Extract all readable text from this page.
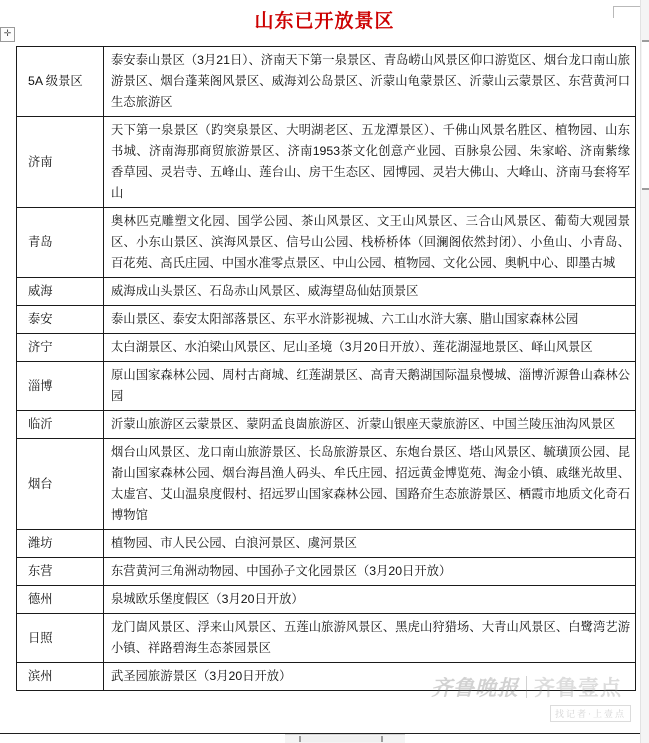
山东已开放景区
✛
5A 级景区	泰安泰山景区（3月21日）、济南天下第一泉景区、青岛崂山风景区仰口游览区、烟台龙口南山旅游景区、烟台蓬莱阁风景区、威海刘公岛景区、沂蒙山龟蒙景区、沂蒙山云蒙景区、东营黄河口生态旅游区
济南	天下第一泉景区（趵突泉景区、大明湖老区、五龙潭景区）、千佛山风景名胜区、植物园、山东书城、济南海那商贸旅游景区、济南1953茶文化创意产业园、百脉泉公园、朱家峪、济南紫缘香草园、灵岩寺、五峰山、莲台山、房干生态区、园博园、灵岩大佛山、大峰山、济南马套将军山
青岛	奥林匹克雕塑文化园、国学公园、茶山风景区、文王山风景区、三合山风景区、葡萄大观园景区、小东山景区、滨海风景区、信号山公园、栈桥桥体（回澜阁依然封闭）、小鱼山、小青岛、百花苑、高氏庄园、中国水准零点景区、中山公园、植物园、文化公园、奥帆中心、即墨古城
威海	威海成山头景区、石岛赤山风景区、威海望岛仙姑顶景区
泰安	泰山景区、泰安太阳部落景区、东平水浒影视城、六工山水浒大寨、腊山国家森林公园
济宁	太白湖景区、水泊梁山风景区、尼山圣境（3月20日开放）、莲花湖湿地景区、峄山风景区
淄博	原山国家森林公园、周村古商城、红莲湖景区、高青天鹅湖国际温泉慢城、淄博沂源鲁山森林公园
临沂	沂蒙山旅游区云蒙景区、蒙阴孟良崮旅游区、沂蒙山银座天蒙旅游区、中国兰陵压油沟风景区
烟台	烟台山风景区、龙口南山旅游景区、长岛旅游景区、东炮台景区、塔山风景区、毓璜顶公园、昆嵛山国家森林公园、烟台海昌渔人码头、牟氏庄园、招远黄金博览苑、淘金小镇、戚继光故里、太虚宫、艾山温泉度假村、招远罗山国家森林公园、国路夼生态旅游景区、栖霞市地质文化奇石博物馆
潍坊	植物园、市人民公园、白浪河景区、虞河景区
东营	东营黄河三角洲动物园、中国孙子文化园景区（3月20日开放）
德州	泉城欧乐堡度假区（3月20日开放）
日照	龙门崮风景区、浮来山风景区、五莲山旅游风景区、黑虎山狩猎场、大青山风景区、白鹭湾艺游小镇、祥路碧海生态茶园景区
滨州	武圣园旅游景区（3月20日开放）	齐鲁晚报 齐鲁壹点
找记者·上壹点
